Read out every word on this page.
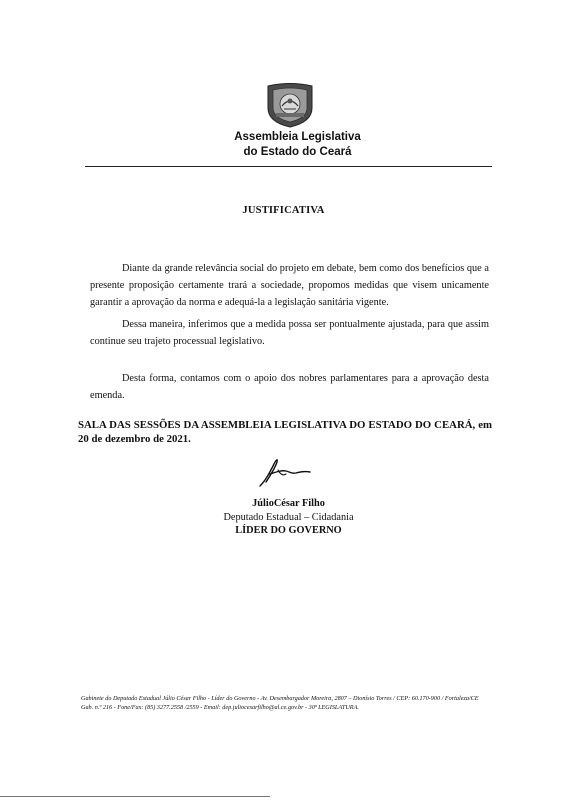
Assembleia Legislativa
do Estado do Ceará
JUSTIFICATIVA

Diante da grande relevância social do projeto em debate, bem como dos benefícios que a presente proposição certamente trará a sociedade, propomos medidas que visem unicamente garantir a aprovação da norma e adequá-la a legislação sanitária vigente.

Dessa maneira, inferimos que a medida possa ser pontualmente ajustada, para que assim continue seu trajeto processual legislativo.

Desta forma, contamos com o apoio dos nobres parlamentares para a aprovação desta emenda.

SALA DAS SESSÕES DA ASSEMBLEIA LEGISLATIVA DO ESTADO DO CEARÁ, em 20 de dezembro de 2021.
JúlioCésar Filho
Deputado Estadual – Cidadania
LÍDER DO GOVERNO
Gabinete do Deputado Estadual Júlio César Filho - Líder do Governo - Av. Desembargador Moreira, 2807 – Dionísio Torres / CEP: 60.170-900 / Fortaleza/CE Gab. n.º 216 - Fone/Fax: (85) 3277.2558 /2559 - Email: dep.juliocesarfilho@al.ce.gov.br - 30ª LEGISLATURA.
